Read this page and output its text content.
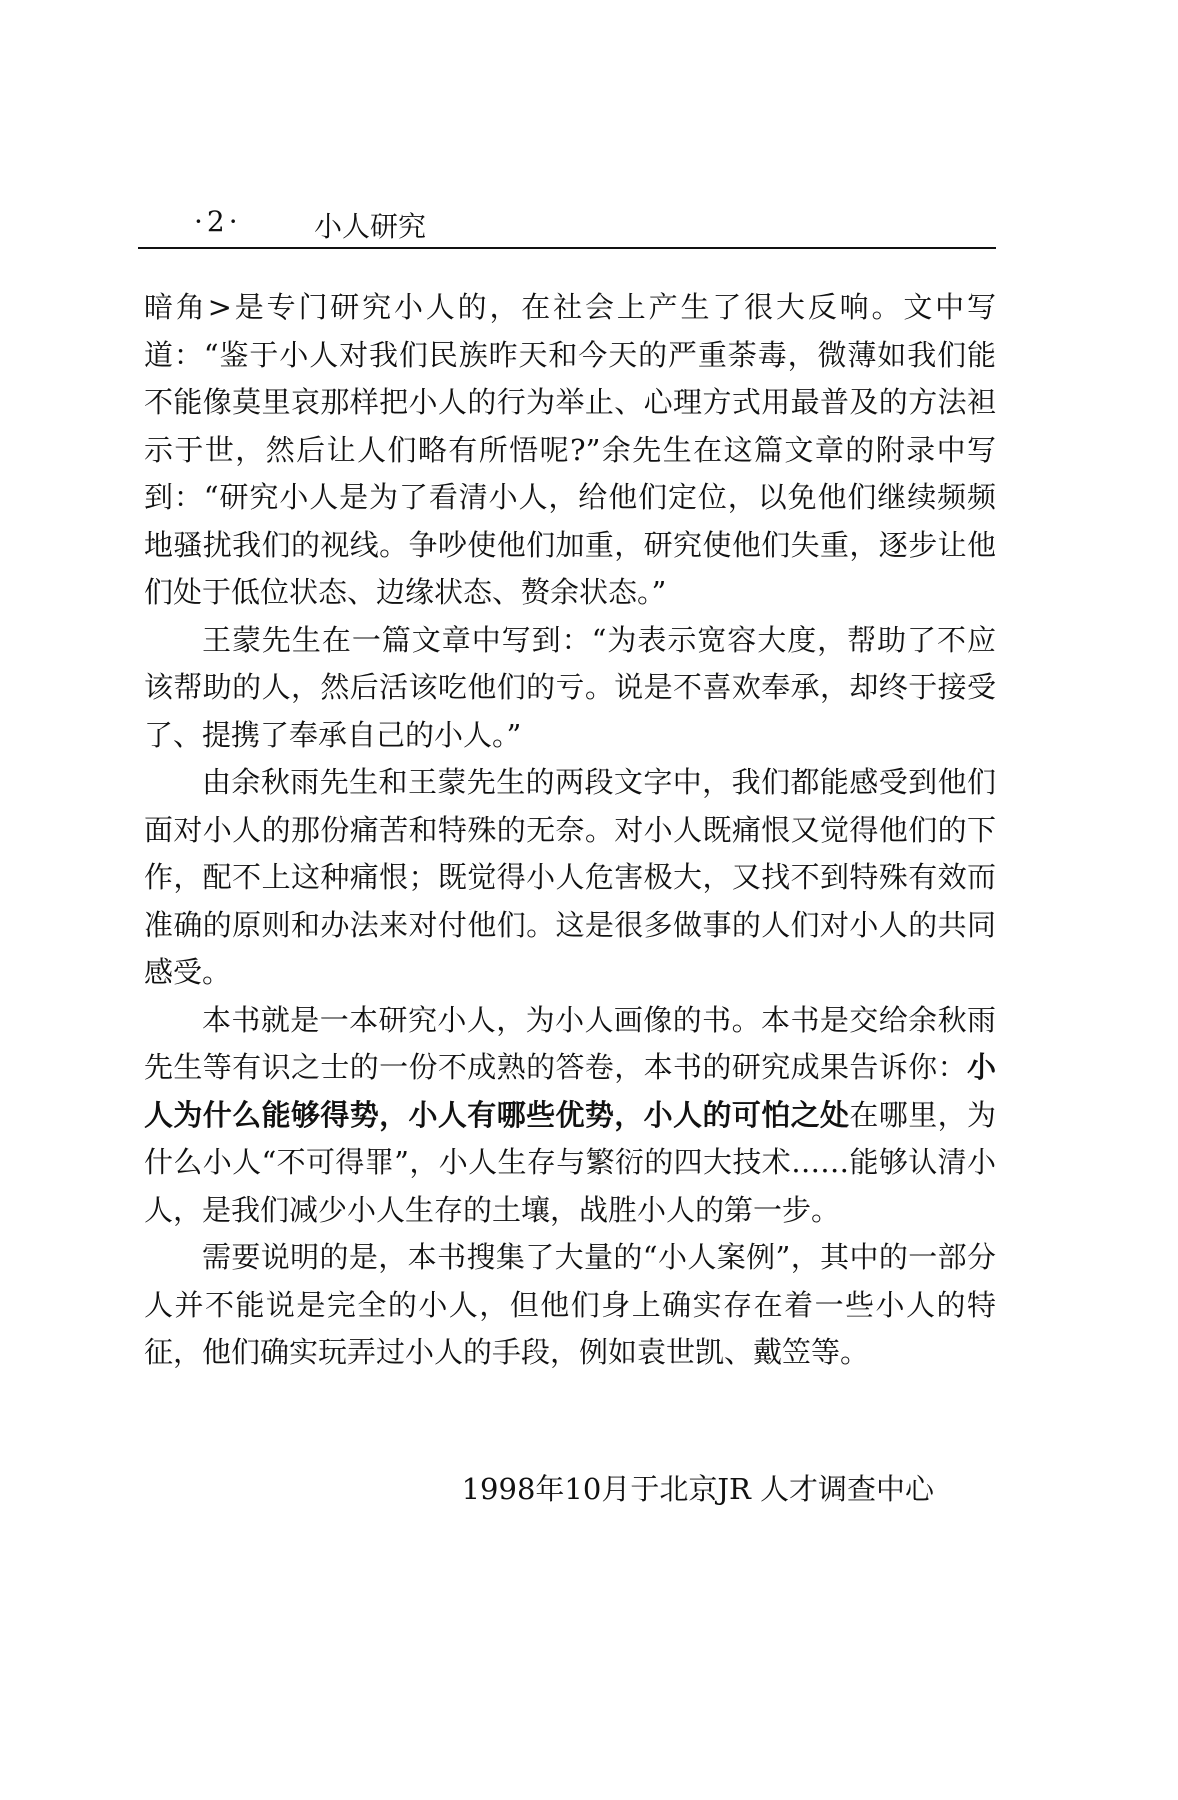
·2·	小人研究

暗角>是专门研究小人的，在社会上产生了很大反响。文中写道：“鉴于小人对我们民族昨天和今天的严重荼毒，微薄如我们能不能像莫里哀那样把小人的行为举止、心理方式用最普及的方法袒示于世，然后让人们略有所悟呢?”余先生在这篇文章的附录中写到：“研究小人是为了看清小人，给他们定位，以免他们继续频频地骚扰我们的视线。争吵使他们加重，研究使他们失重，逐步让他们处于低位状态、边缘状态、赘余状态。”

王蒙先生在一篇文章中写到：“为表示宽容大度，帮助了不应该帮助的人，然后活该吃他们的亏。说是不喜欢奉承，却终于接受了、提携了奉承自己的小人。”

由余秋雨先生和王蒙先生的两段文字中，我们都能感受到他们面对小人的那份痛苦和特殊的无奈。对小人既痛恨又觉得他们的下作，配不上这种痛恨；既觉得小人危害极大，又找不到特殊有效而准确的原则和办法来对付他们。这是很多做事的人们对小人的共同感受。

本书就是一本研究小人，为小人画像的书。本书是交给余秋雨先生等有识之士的一份不成熟的答卷，本书的研究成果告诉你：小人为什么能够得势，小人有哪些优势，小人的可怕之处在哪里，为什么小人“不可得罪”，小人生存与繁衍的四大技术……能够认清小人，是我们减少小人生存的土壤，战胜小人的第一步。

需要说明的是，本书搜集了大量的“小人案例”，其中的一部分人并不能说是完全的小人，但他们身上确实存在着一些小人的特征，他们确实玩弄过小人的手段，例如袁世凯、戴笠等。

1998年10月于北京JR 人才调查中心
